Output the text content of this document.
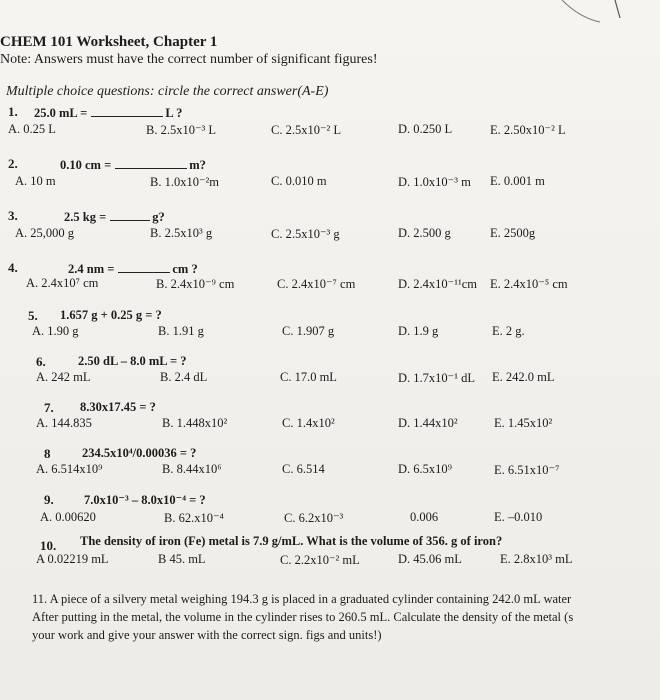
CHEM 101 Worksheet, Chapter 1
Note: Answers must have the correct number of significant figures!
Multiple choice questions: circle the correct answer(A-E)
1. 25.0 mL =	L ?
A. 0.25 L	B. 2.5x10⁻³ L	C. 2.5x10⁻² L	D. 0.250 L	E. 2.50x10⁻² L
2.	0.10 cm =	m?
A. 10 m	B. 1.0x10⁻²m	C. 0.010 m	D. 1.0x10⁻³ m E. 0.001 m
3.	2.5 kg =	g?
A. 25,000 g	B. 2.5x10³ g	C. 2.5x10⁻³ g	D. 2.500 g	E. 2500g
4.	2.4 nm =	cm ?
A. 2.4x10⁷ cm	B. 2.4x10⁻⁹ cm	C. 2.4x10⁻⁷ cm	D. 2.4x10⁻¹¹cm E. 2.4x10⁻⁵ cm
5. 1.657 g + 0.25 g = ?
A. 1.90 g	B. 1.91 g	C. 1.907 g	D. 1.9 g	E. 2 g.
6.	2.50 dL – 8.0 mL = ?
A. 242 mL	B. 2.4 dL	C. 17.0 mL	D. 1.7x10⁻¹ dL E. 242.0 mL
7. 8.30x17.45 = ?
A. 144.835	B. 1.448x10²	C. 1.4x10²	D. 1.44x10²	E. 1.45x10²
8	234.5x10⁴/0.00036 = ?
A. 6.514x10⁹	B. 8.44x10⁶	C. 6.514	D. 6.5x10⁹	E. 6.51x10⁻⁷
9. 7.0x10⁻³ – 8.0x10⁻⁴ = ?
A. 0.00620	B. 62.x10⁻⁴	C. 6.2x10⁻³	0.006	E. –0.010
10. The density of iron (Fe) metal is 7.9 g/mL. What is the volume of 356. g of iron?
A 0.02219 mL	B 45. mL	C. 2.2x10⁻² mL	D. 45.06 mL	E. 2.8x10³ mL
11. A piece of a silvery metal weighing 194.3 g is placed in a graduated cylinder containing 242.0 mL water
After putting in the metal, the volume in the cylinder rises to 260.5 mL. Calculate the density of the metal (s
your work and give your answer with the correct sign. figs and units!)
